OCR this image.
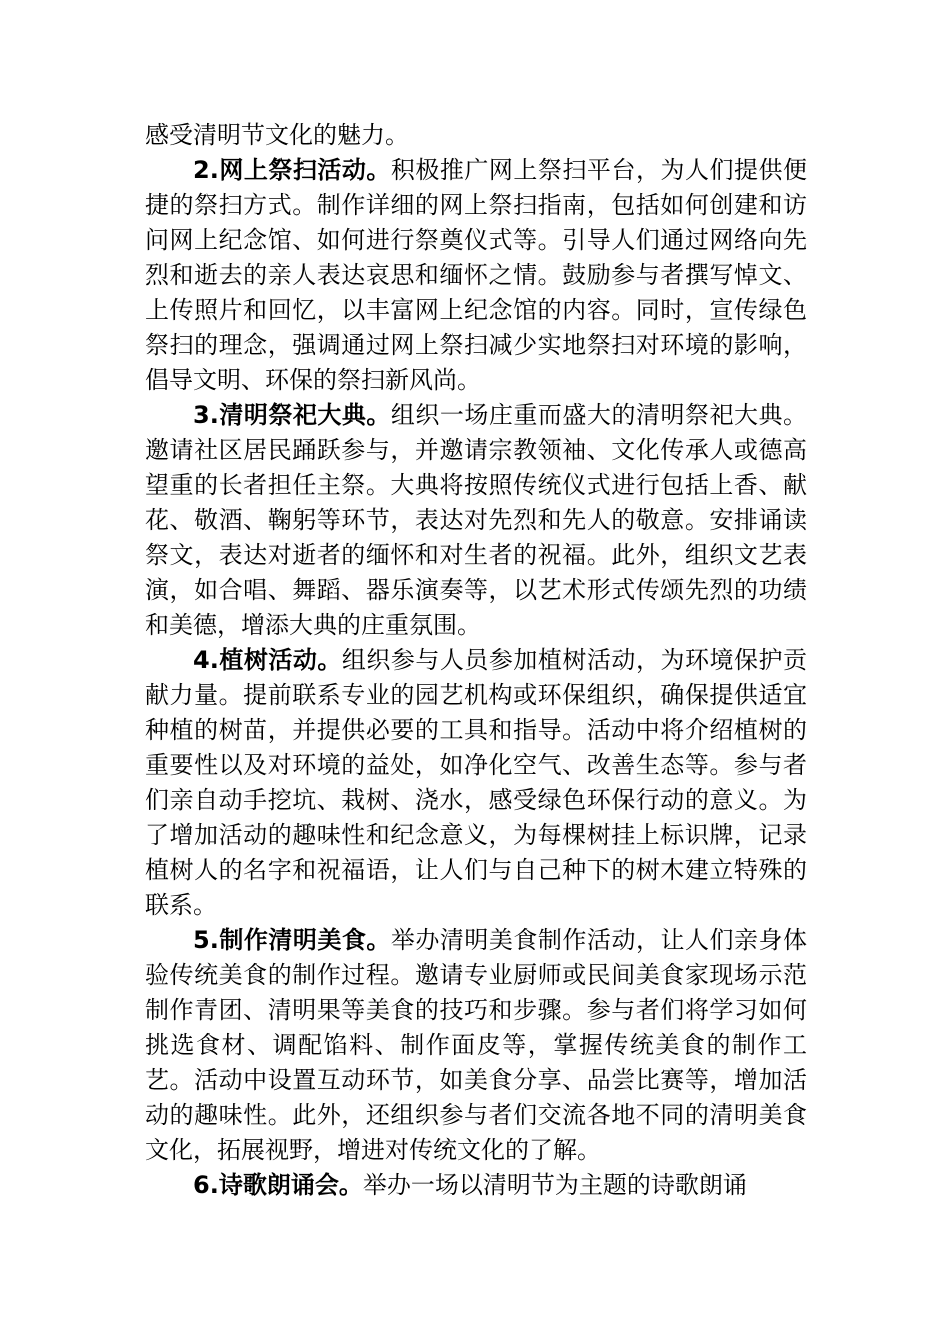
感受清明节文化的魅力。

2.网上祭扫活动。积极推广网上祭扫平台，为人们提供便捷的祭扫方式。制作详细的网上祭扫指南，包括如何创建和访问网上纪念馆、如何进行祭奠仪式等。引导人们通过网络向先烈和逝去的亲人表达哀思和缅怀之情。鼓励参与者撰写悼文、上传照片和回忆，以丰富网上纪念馆的内容。同时，宣传绿色祭扫的理念，强调通过网上祭扫减少实地祭扫对环境的影响，倡导文明、环保的祭扫新风尚。

3.清明祭祀大典。组织一场庄重而盛大的清明祭祀大典。邀请社区居民踊跃参与，并邀请宗教领袖、文化传承人或德高望重的长者担任主祭。大典将按照传统仪式进行包括上香、献花、敬酒、鞠躬等环节，表达对先烈和先人的敬意。安排诵读祭文，表达对逝者的缅怀和对生者的祝福。此外，组织文艺表演，如合唱、舞蹈、器乐演奏等，以艺术形式传颂先烈的功绩和美德，增添大典的庄重氛围。

4.植树活动。组织参与人员参加植树活动，为环境保护贡献力量。提前联系专业的园艺机构或环保组织，确保提供适宜种植的树苗，并提供必要的工具和指导。活动中将介绍植树的重要性以及对环境的益处，如净化空气、改善生态等。参与者们亲自动手挖坑、栽树、浇水，感受绿色环保行动的意义。为了增加活动的趣味性和纪念意义，为每棵树挂上标识牌，记录植树人的名字和祝福语，让人们与自己种下的树木建立特殊的联系。

5.制作清明美食。举办清明美食制作活动，让人们亲身体验传统美食的制作过程。邀请专业厨师或民间美食家现场示范制作青团、清明果等美食的技巧和步骤。参与者们将学习如何挑选食材、调配馅料、制作面皮等，掌握传统美食的制作工艺。活动中设置互动环节，如美食分享、品尝比赛等，增加活动的趣味性。此外，还组织参与者们交流各地不同的清明美食文化，拓展视野，增进对传统文化的了解。

6.诗歌朗诵会。举办一场以清明节为主题的诗歌朗诵
